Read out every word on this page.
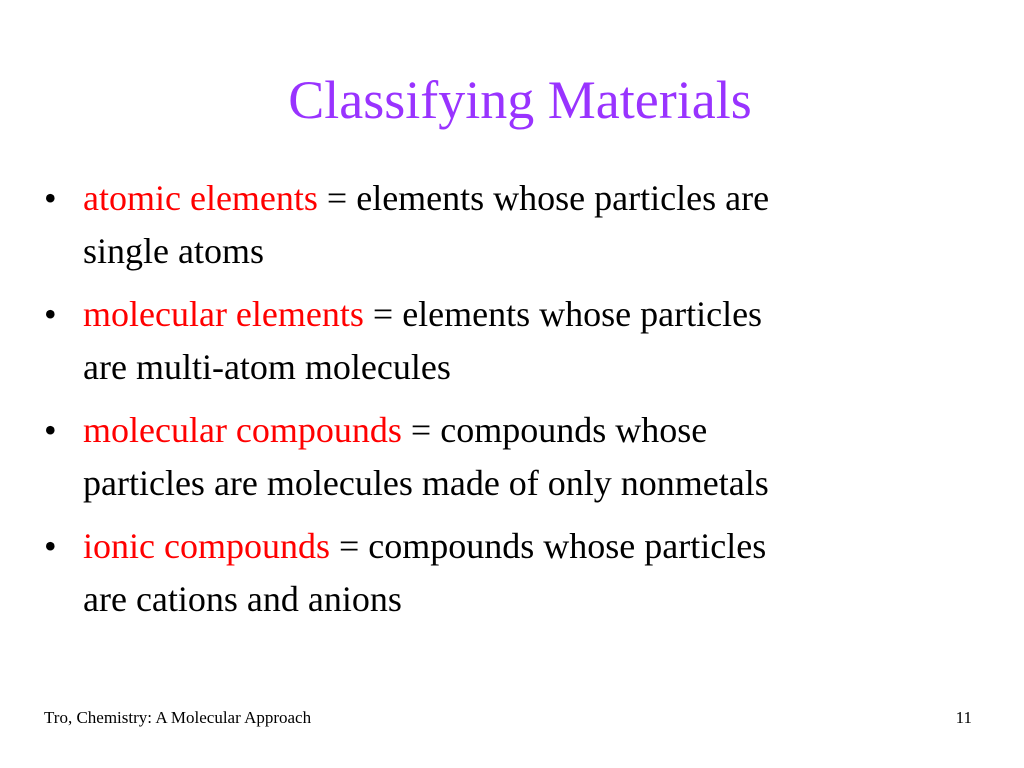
Classifying Materials
• atomic elements = elements whose particles are single atoms
• molecular elements = elements whose particles are multi-atom molecules
• molecular compounds = compounds whose particles are molecules made of only nonmetals
• ionic compounds = compounds whose particles are cations and anions
Tro, Chemistry: A Molecular Approach	11
